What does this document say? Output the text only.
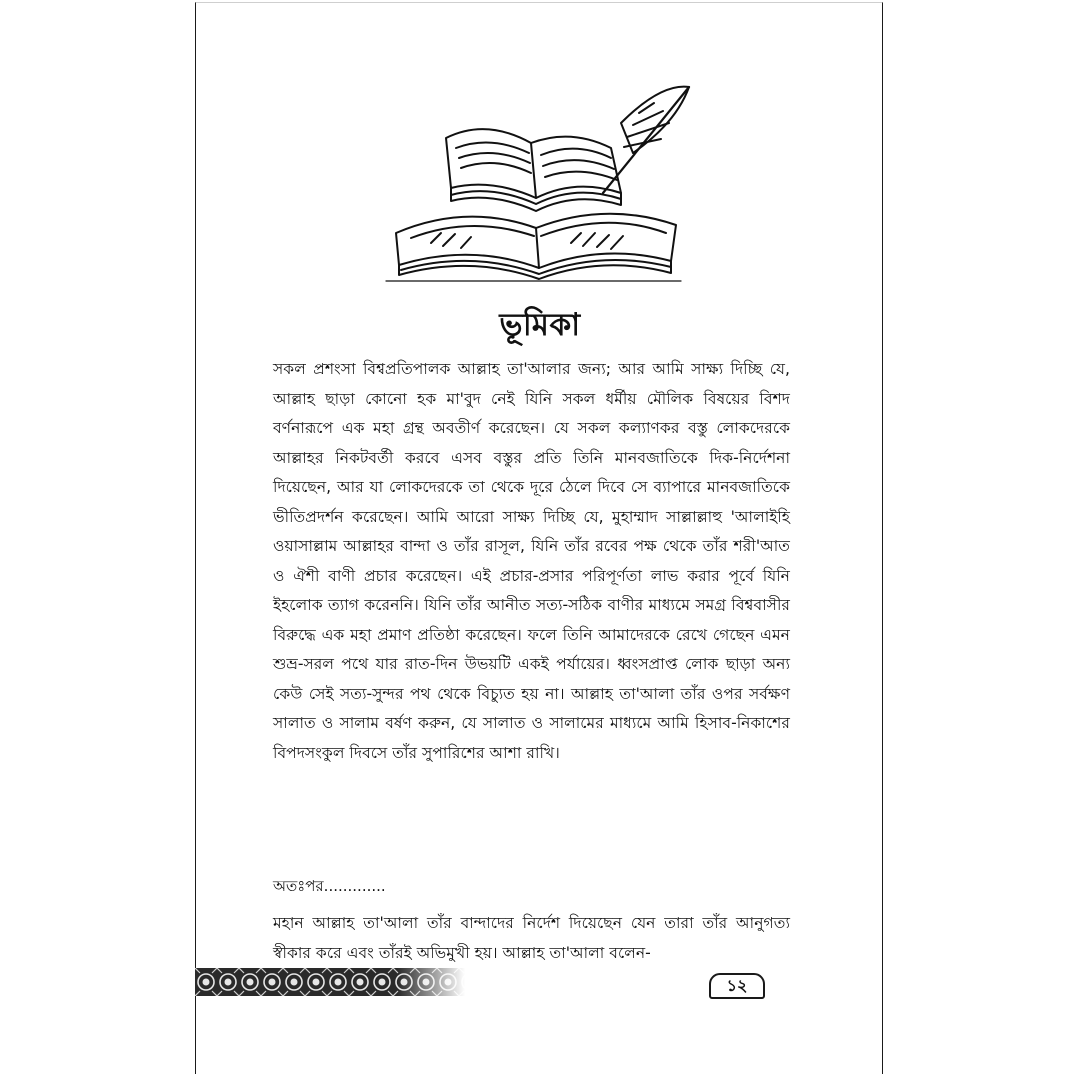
ভূমিকা

সকল প্রশংসা বিশ্বপ্রতিপালক আল্লাহ তা'আলার জন্য; আর আমি সাক্ষ্য দিচ্ছি যে, আল্লাহ ছাড়া কোনো হক মা'বুদ নেই যিনি সকল ধর্মীয় মৌলিক বিষয়ের বিশদ বর্ণনারূপে এক মহা গ্রন্থ অবতীর্ণ করেছেন। যে সকল কল্যাণকর বস্তু লোকদেরকে আল্লাহর নিকটবর্তী করবে এসব বস্তুর প্রতি তিনি মানবজাতিকে দিক-নির্দেশনা দিয়েছেন, আর যা লোকদেরকে তা থেকে দূরে ঠেলে দিবে সে ব্যাপারে মানবজাতিকে ভীতিপ্রদর্শন করেছেন। আমি আরো সাক্ষ্য দিচ্ছি যে, মুহাম্মাদ সাল্লাল্লাহু 'আলাইহি ওয়াসাল্লাম আল্লাহর বান্দা ও তাঁর রাসূল, যিনি তাঁর রবের পক্ষ থেকে তাঁর শরী'আত ও ঐশী বাণী প্রচার করেছেন। এই প্রচার-প্রসার পরিপূর্ণতা লাভ করার পূর্বে যিনি ইহলোক ত্যাগ করেননি। যিনি তাঁর আনীত সত্য-সঠিক বাণীর মাধ্যমে সমগ্র বিশ্ববাসীর বিরুদ্ধে এক মহা প্রমাণ প্রতিষ্ঠা করেছেন। ফলে তিনি আমাদেরকে রেখে গেছেন এমন শুভ্র-সরল পথে যার রাত-দিন উভয়টি একই পর্যায়ের। ধ্বংসপ্রাপ্ত লোক ছাড়া অন্য কেউ সেই সত্য-সুন্দর পথ থেকে বিচ্যুত হয় না। আল্লাহ তা'আলা তাঁর ওপর সর্বক্ষণ সালাত ও সালাম বর্ষণ করুন, যে সালাত ও সালামের মাধ্যমে আমি হিসাব-নিকাশের বিপদসংকুল দিবসে তাঁর সুপারিশের আশা রাখি।

অতঃপর.............

মহান আল্লাহ তা'আলা তাঁর বান্দাদের নির্দেশ দিয়েছেন যেন তারা তাঁর আনুগত্য স্বীকার করে এবং তাঁরই অভিমুখী হয়। আল্লাহ তা'আলা বলেন-

১২
